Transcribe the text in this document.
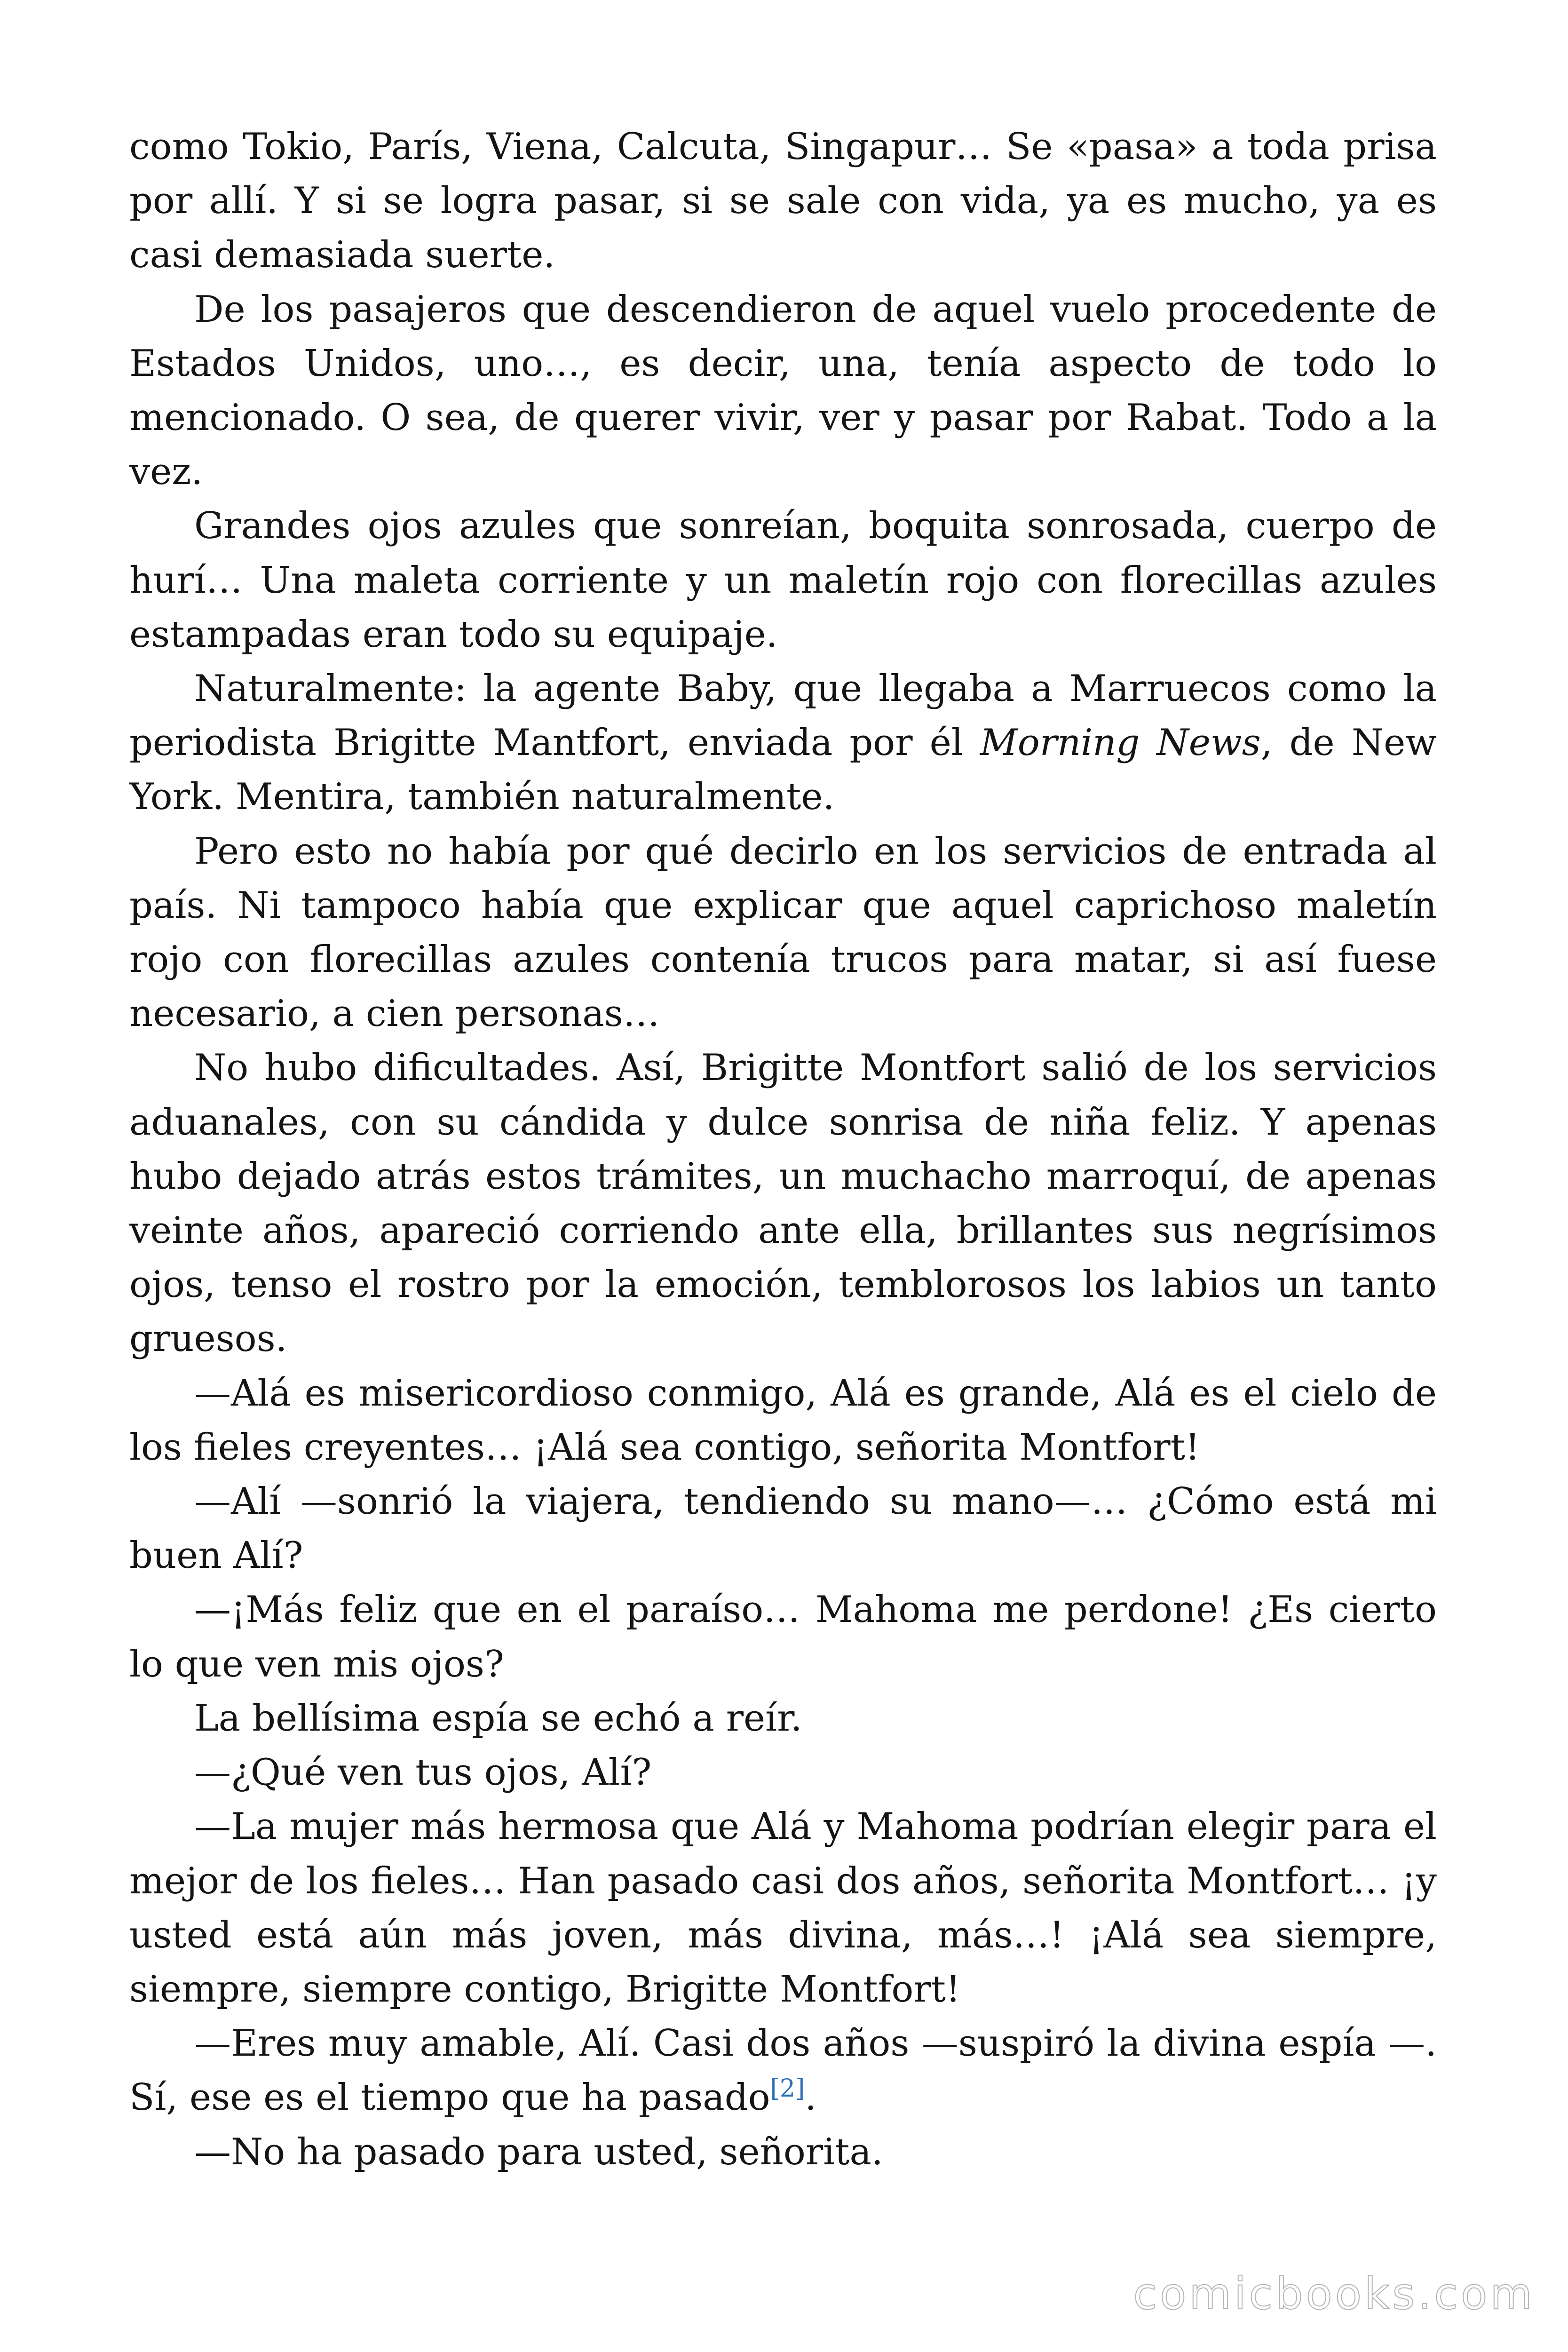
como Tokio, París, Viena, Calcuta, Singapur… Se «pasa» a toda prisa por allí. Y si se logra pasar, si se sale con vida, ya es mucho, ya es casi demasiada suerte.

De los pasajeros que descendieron de aquel vuelo procedente de Estados Unidos, uno…, es decir, una, tenía aspecto de todo lo mencionado. O sea, de querer vivir, ver y pasar por Rabat. Todo a la vez.

Grandes ojos azules que sonreían, boquita sonrosada, cuerpo de hurí… Una maleta corriente y un maletín rojo con florecillas azules estampadas eran todo su equipaje.

Naturalmente: la agente Baby, que llegaba a Marruecos como la periodista Brigitte Mantfort, enviada por él Morning News, de New York. Mentira, también naturalmente.

Pero esto no había por qué decirlo en los servicios de entrada al país. Ni tampoco había que explicar que aquel caprichoso maletín rojo con florecillas azules contenía trucos para matar, si así fuese necesario, a cien personas…

No hubo dificultades. Así, Brigitte Montfort salió de los servicios aduanales, con su cándida y dulce sonrisa de niña feliz. Y apenas hubo dejado atrás estos trámites, un muchacho marroquí, de apenas veinte años, apareció corriendo ante ella, brillantes sus negrísimos ojos, tenso el rostro por la emoción, temblorosos los labios un tanto gruesos.

—Alá es misericordioso conmigo, Alá es grande, Alá es el cielo de los fieles creyentes… ¡Alá sea contigo, señorita Montfort!

—Alí —sonrió la viajera, tendiendo su mano—… ¿Cómo está mi buen Alí?

—¡Más feliz que en el paraíso… Mahoma me perdone! ¿Es cierto lo que ven mis ojos?

La bellísima espía se echó a reír.

—¿Qué ven tus ojos, Alí?

—La mujer más hermosa que Alá y Mahoma podrían elegir para el mejor de los fieles… Han pasado casi dos años, señorita Montfort… ¡y usted está aún más joven, más divina, más…! ¡Alá sea siempre, siempre, siempre contigo, Brigitte Montfort!

—Eres muy amable, Alí. Casi dos años —suspiró la divina espía —. Sí, ese es el tiempo que ha pasado[2].

—No ha pasado para usted, señorita.

comicbooks.com
